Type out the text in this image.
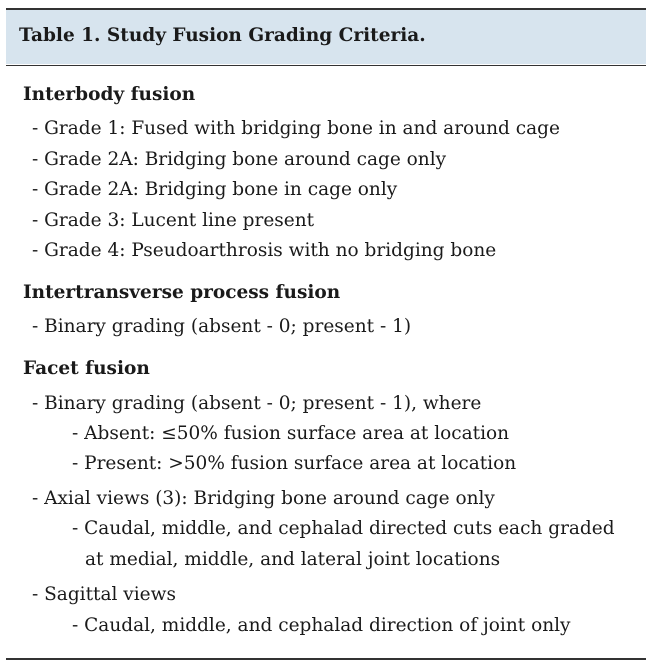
Table 1. Study Fusion Grading Criteria.
Interbody fusion
- Grade 1: Fused with bridging bone in and around cage
- Grade 2A: Bridging bone around cage only
- Grade 2A: Bridging bone in cage only
- Grade 3: Lucent line present
- Grade 4: Pseudoarthrosis with no bridging bone
Intertransverse process fusion
- Binary grading (absent - 0; present - 1)
Facet fusion
- Binary grading (absent - 0; present - 1), where
- Absent: ≤50% fusion surface area at location
- Present: >50% fusion surface area at location
- Axial views (3): Bridging bone around cage only
- Caudal, middle, and cephalad directed cuts each graded
at medial, middle, and lateral joint locations
- Sagittal views
- Caudal, middle, and cephalad direction of joint only
